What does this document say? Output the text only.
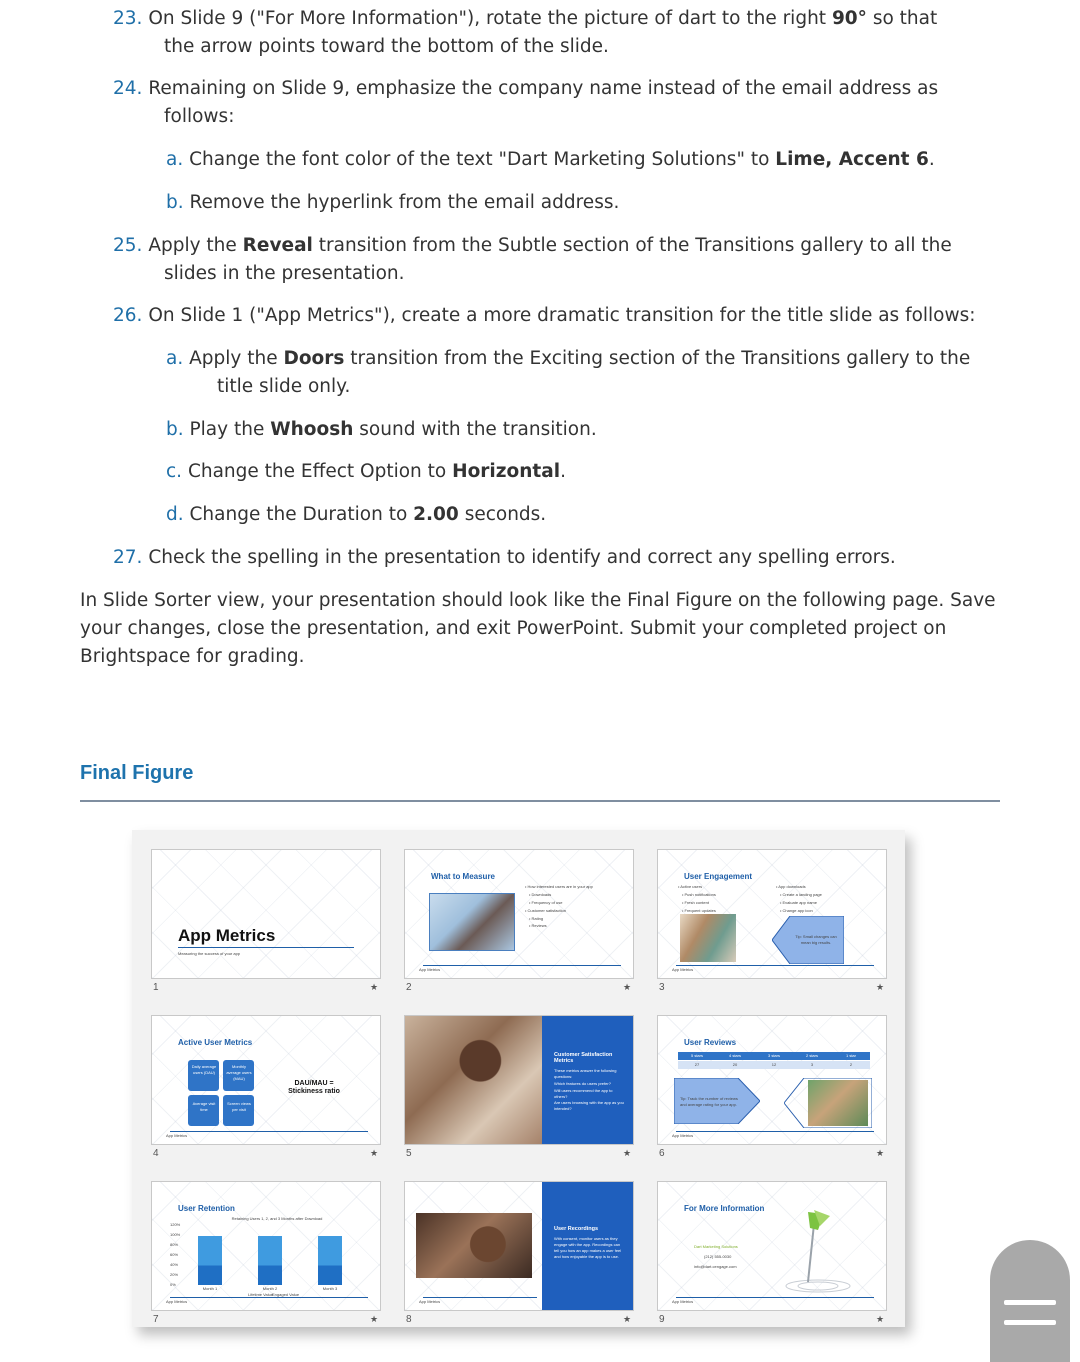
23. On Slide 9 ("For More Information"), rotate the picture of dart to the right 90° so that
the arrow points toward the bottom of the slide.
24. Remaining on Slide 9, emphasize the company name instead of the email address as
follows:
a. Change the font color of the text "Dart Marketing Solutions" to Lime, Accent 6.
b. Remove the hyperlink from the email address.
25. Apply the Reveal transition from the Subtle section of the Transitions gallery to all the
slides in the presentation.
26. On Slide 1 ("App Metrics"), create a more dramatic transition for the title slide as follows:
a. Apply the Doors transition from the Exciting section of the Transitions gallery to the
title slide only.
b. Play the Whoosh sound with the transition.
c. Change the Effect Option to Horizontal.
d. Change the Duration to 2.00 seconds.
27. Check the spelling in the presentation to identify and correct any spelling errors.
In Slide Sorter view, your presentation should look like the Final Figure on the following page. Save your changes, close the presentation, and exit PowerPoint. Submit your completed project on Brightspace for grading.
Final Figure
App Metrics
Measuring the success of your app
1	★
What to Measure
• How interested users are in your app
• Downloads
• Frequency of use
• Customer satisfaction
• Rating
• Reviews
App Metrics
2	★
User Engagement
• Active users
• Push notifications
• Fresh content
• Frequent updates
• App downloads
• Create a landing page
• Evaluate app name
• Change app icon
Tip: Small changes can mean big results.
App Metrics
3	★
Active User Metrics
Daily average users (DAU)
Monthly average users (MAU)
Average visit time
Screen views per visit
DAU/MAU = Stickiness ratio
App Metrics
4	★
Customer Satisfaction Metrics
These metrics answer the following questions:
Which features do users prefer?
Will users recommend the app to others?
Are users browsing with the app as you intended?
5	★
User Reviews
5 stars	4 stars	3 stars	2 stars	1 star
27	20	12	3	2
Tip: Track the number of reviews and average rating for your app.
App Metrics
6	★
User Retention
Retaining Users 1, 2, and 3 Months after Download
120%
100%
80%
60%
40%
20%
0%
Month 1	Month 2	Month 3
Lifetime Value
Engaged Value
App Metrics
7	★
User Recordings
With consent, monitor users as they engage with the app. Recordings can tell you how an app makes a user feel and how enjoyable the app is to use.
App Metrics
8	★
For More Information
Dart Marketing Solutions
(212) 555-0030
info@dart.cengage.com
App Metrics
9	★
